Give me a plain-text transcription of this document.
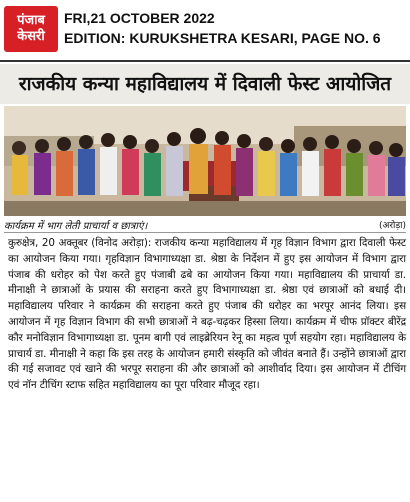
पंजाब
केसरी
FRI,21 OCTOBER 2022
EDITION: KURUKSHETRA KESARI, PAGE NO. 6
राजकीय कन्या महाविद्यालय में दिवाली फेस्ट आयोजित
कार्यक्रम में भाग लेती प्राचार्या व छात्राएं।	(अरोड़ा)
कुरुक्षेत्र, 20 अक्तूबर (विनोद अरोड़ा): राजकीय कन्या महाविद्यालय में गृह विज्ञान विभाग द्वारा दिवाली फेस्ट का आयोजन किया गया। गृहविज्ञान विभागाध्यक्षा डा. श्रेष्ठा के निर्देशन में हुए इस आयोजन में विभाग द्वारा पंजाब की धरोहर को पेश करते हुए पंजाबी ढबे का आयोजन किया गया। महाविद्यालय की प्राचार्या डा. मीनाक्षी ने छात्राओं के प्रयास की सराहना करते हुए विभागाध्यक्षा डा. श्रेष्ठा एवं छात्राओं को बधाई दी। महाविद्यालय परिवार ने कार्यक्रम की सराहना करते हुए पंजाब की धरोहर का भरपूर आनंद लिया। इस आयोजन में गृह विज्ञान विभाग की सभी छात्राओं ने बढ़-चढ़कर हिस्सा लिया। कार्यक्रम में चीफ प्रॉक्टर बीरेंद्र कौर मनोविज्ञान विभागाध्यक्षा डा. पूनम बागी एवं लाइब्रेरियन रेनू का महत्व पूर्ण सहयोग रहा। महाविद्यालय के प्राचार्य डा. मीनाक्षी ने कहा कि इस तरह के आयोजन हमारी संस्कृति को जीवंत बनाते हैं। उन्होंने छात्राओं द्वारा की गई सजावट एवं खाने की भरपूर सराहना की और छात्राओं को आशीर्वाद दिया। इस आयोजन में टीचिंग एवं नॉन टीचिंग स्टाफ सहित महाविद्यालय का पूरा परिवार मौजूद रहा।
